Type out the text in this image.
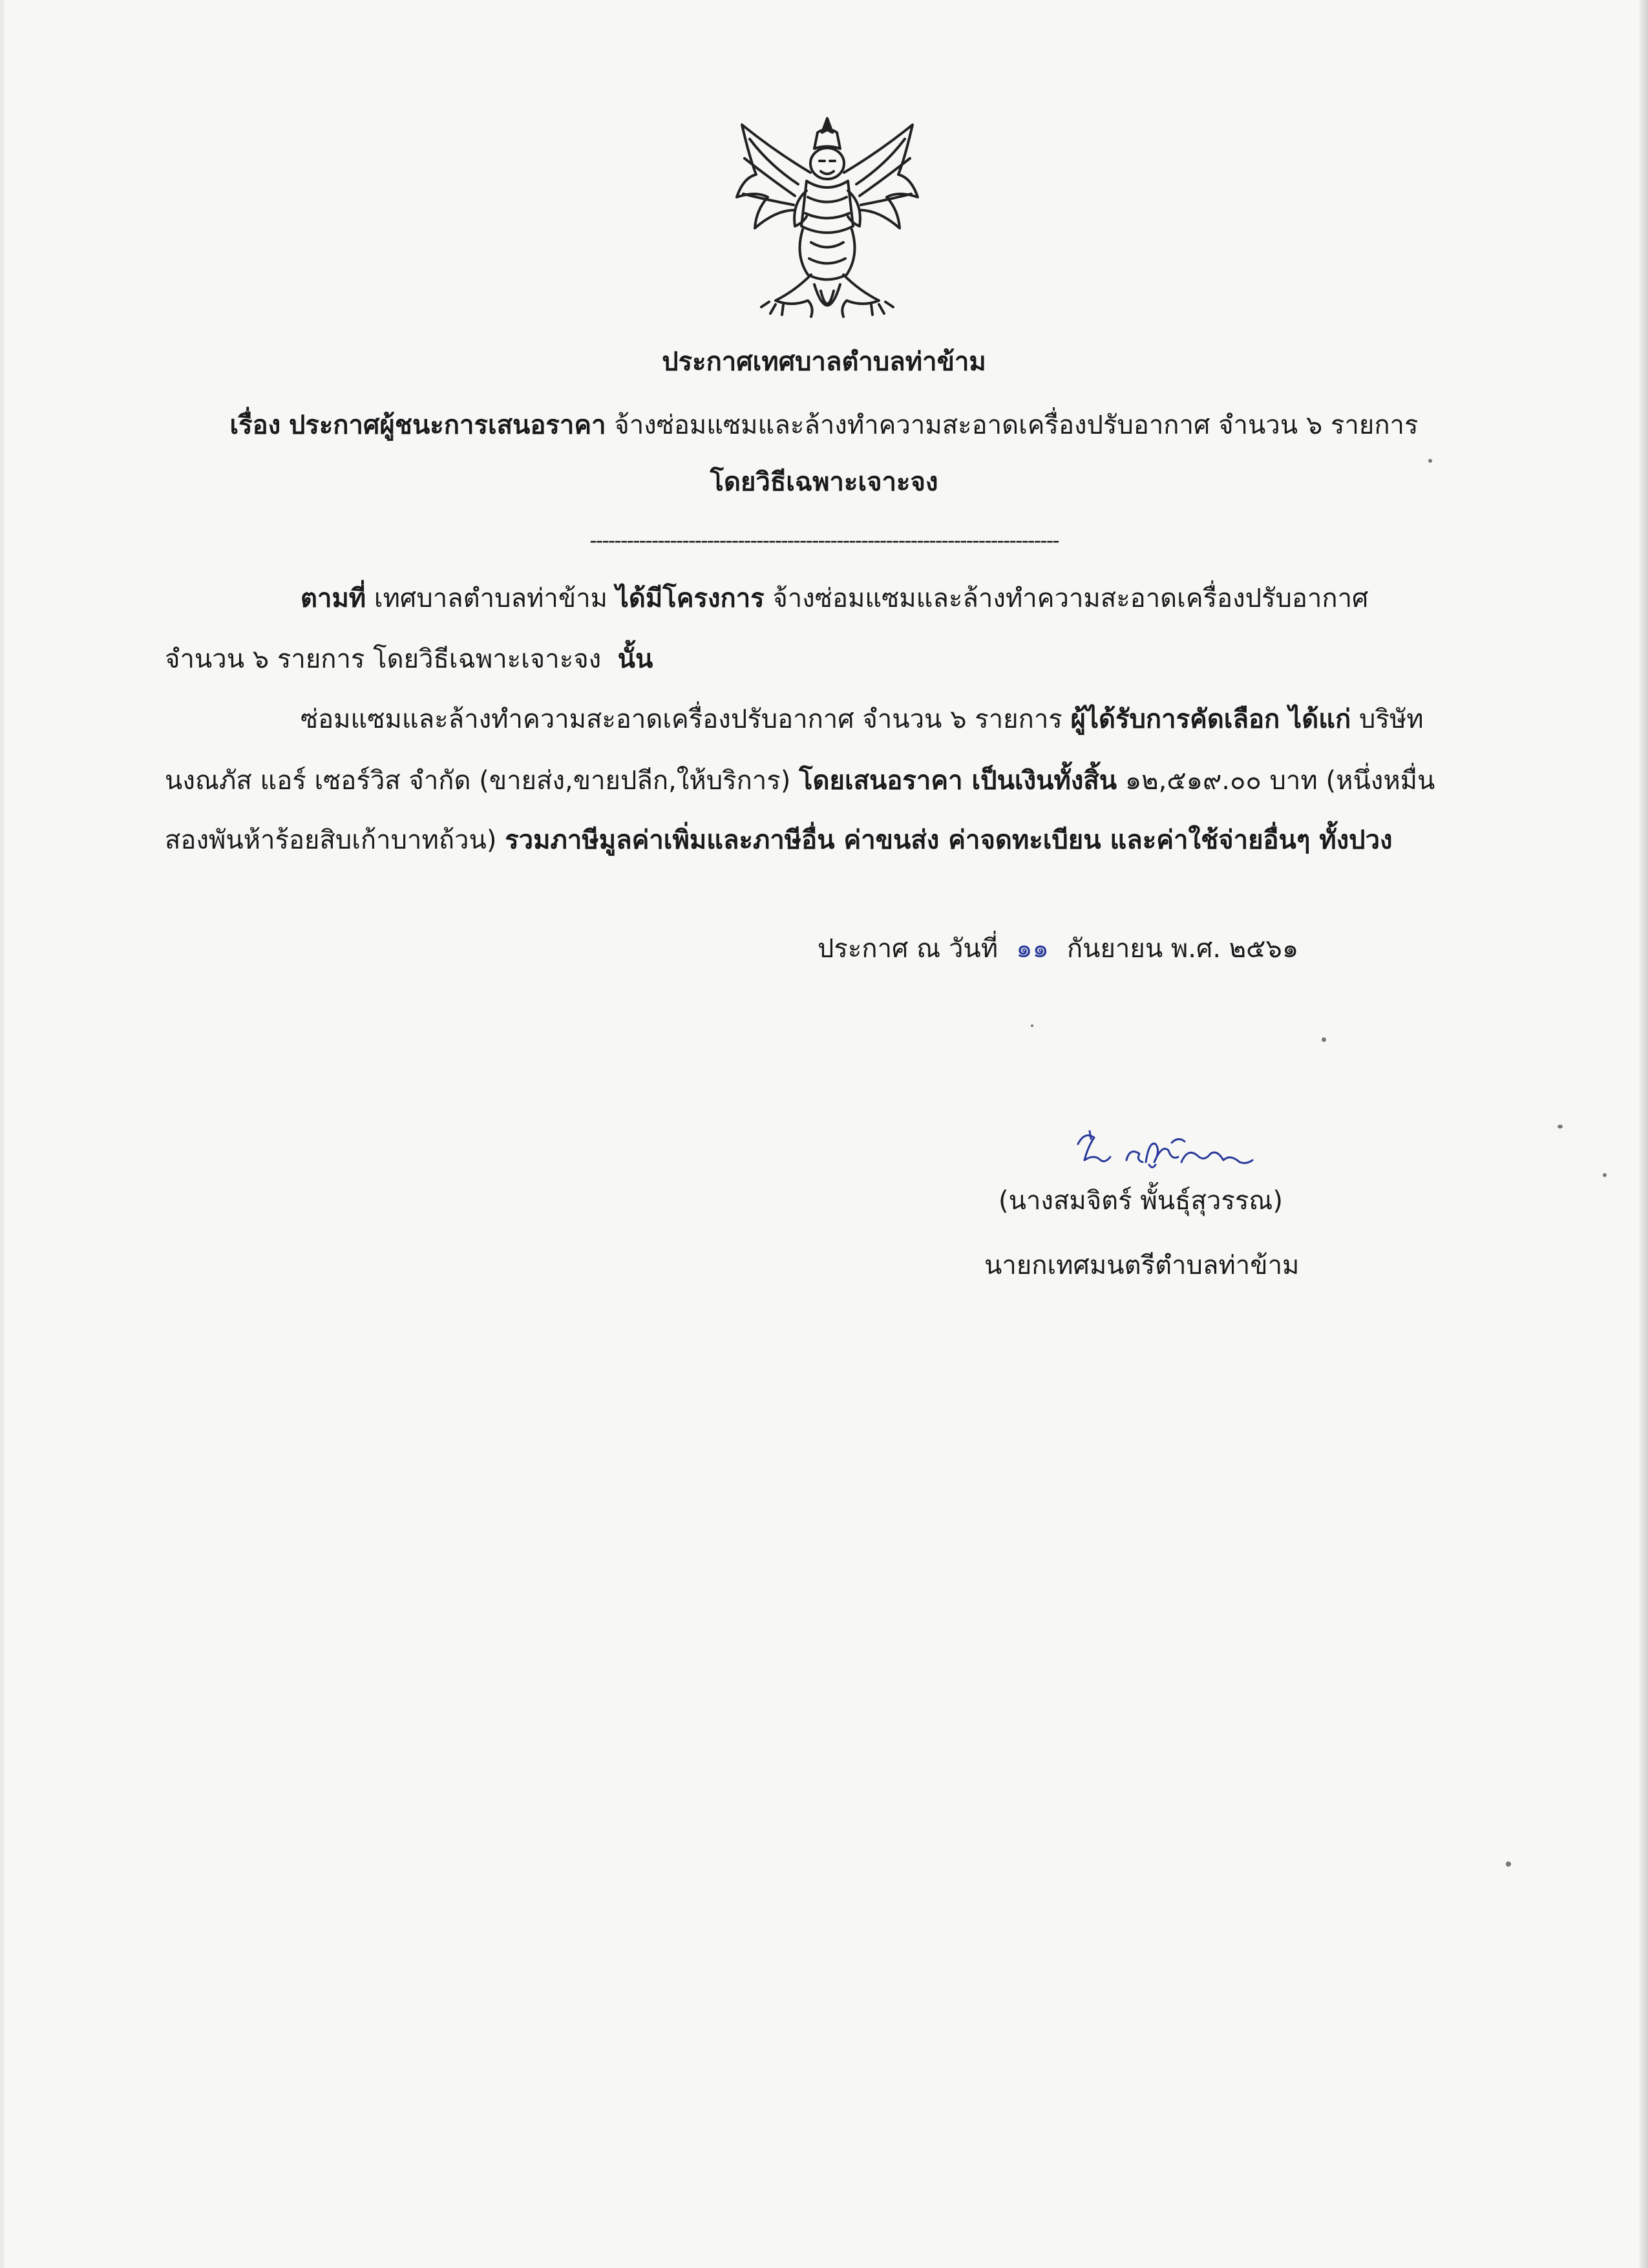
ประกาศเทศบาลตำบลท่าข้าม
เรื่อง ประกาศผู้ชนะการเสนอราคา จ้างซ่อมแซมและล้างทำความสะอาดเครื่องปรับอากาศ จำนวน ๖ รายการ
โดยวิธีเฉพาะเจาะจง
----------------------------------------------------------------------------
ตามที่ เทศบาลตำบลท่าข้าม ได้มีโครงการ จ้างซ่อมแซมและล้างทำความสะอาดเครื่องปรับอากาศ
จำนวน ๖ รายการ โดยวิธีเฉพาะเจาะจง นั้น
ซ่อมแซมและล้างทำความสะอาดเครื่องปรับอากาศ จำนวน ๖ รายการ ผู้ได้รับการคัดเลือก ได้แก่ บริษัท
นงณภัส แอร์ เซอร์วิส จำกัด (ขายส่ง,ขายปลีก,ให้บริการ) โดยเสนอราคา เป็นเงินทั้งสิ้น ๑๒,๕๑๙.๐๐ บาท (หนึ่งหมื่น
สองพันห้าร้อยสิบเก้าบาทถ้วน) รวมภาษีมูลค่าเพิ่มและภาษีอื่น ค่าขนส่ง ค่าจดทะเบียน และค่าใช้จ่ายอื่นๆ ทั้งปวง
ประกาศ ณ วันที่ ๑๑ กันยายน พ.ศ. ๒๕๖๑
(นางสมจิตร์ พั้นธุ์สุวรรณ)
นายกเทศมนตรีตำบลท่าข้าม
